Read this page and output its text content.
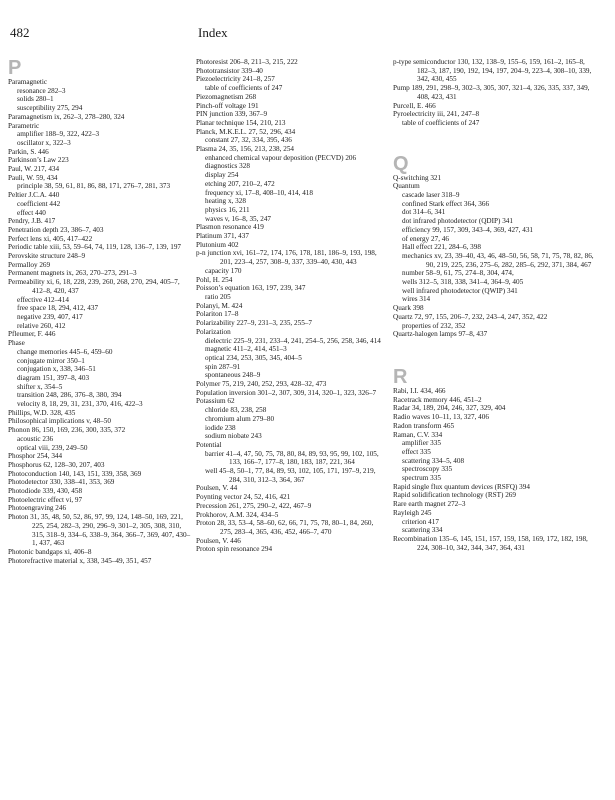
482	Index
P
Paramagnetic
resonance 282–3
solids 280–1
susceptibility 275, 294
Paramagnetism ix, 262–3, 278–280, 324
Parametric
amplifier 188–9, 322, 422–3
oscillator x, 322–3
Parkin, S. 446
Parkinson’s Law 223
Paul, W. 217, 434
Pauli, W. 59, 434
principle 38, 59, 61, 81, 86, 88, 171, 276–7, 281, 373
Peltier J.C.A. 440
coefficient 442
effect 440
Pendry, J.B. 417
Penetration depth 23, 386–7, 403
Perfect lens xi, 405, 417–422
Periodic table xiii, 53, 59–64, 74, 119, 128, 136–7, 139, 197
Perovskite structure 248–9
Permalloy 269
Permanent magnets ix, 263, 270–273, 291–3
Permeability xi, 6, 18, 228, 239, 260, 268, 270, 294, 405–7, 412–8, 420, 437
effective 412–414
free space 18, 294, 412, 437
negative 239, 407, 417
relative 260, 412
Pfleumer, F. 446
Phase
change memories 445–6, 459–60
conjugate mirror 350–1
conjugation x, 338, 346–51
diagram 151, 397–8, 403
shifter x, 354–5
transition 248, 286, 376–8, 380, 394
velocity 8, 18, 29, 31, 231, 370, 416, 422–3
Phillips, W.D. 328, 435
Philosophical implications v, 48–50
Phonon 86, 150, 169, 236, 300, 335, 372
acoustic 236
optical viii, 239, 249–50
Phosphor 254, 344
Phosphorus 62, 128–30, 207, 403
Photoconduction 140, 143, 151, 339, 358, 369
Photodetector 330, 338–41, 353, 369
Photodiode 339, 430, 458
Photoelectric effect vi, 97
Photoengraving 246
Photon 31, 35, 48, 50, 52, 86, 97, 99, 124, 148–50, 169, 221, 225, 254, 282–3, 290, 296–9, 301–2, 305, 308, 310, 315, 318–9, 334–6, 338–9, 364, 366–7, 369, 407, 430–1, 437, 463
Photonic bandgaps xi, 406–8
Photorefractive material x, 338, 345–49, 351, 457
Photoresist 206–8, 211–3, 215, 222
Phototransistor 339–40
Piezoelectricity 241–8, 257
table of coefficients of 247
Piezomagnetism 268
Pinch-off voltage 191
PIN junction 339, 367–9
Planar technique 154, 210, 213
Planck, M.K.E.L. 27, 52, 296, 434
constant 27, 32, 334, 395, 436
Plasma 24, 35, 156, 213, 238, 254
enhanced chemical vapour deposition (PECVD) 206
diagnostics 328
display 254
etching 207, 210–2, 472
frequency xi, 17–8, 408–10, 414, 418
heating x, 328
physics 16, 211
waves v, 16–8, 35, 247
Plasmon resonance 419
Platinum 371, 437
Plutonium 402
p-n junction xvi, 161–72, 174, 176, 178, 181, 186–9, 193, 198, 201, 223–4, 257, 308–9, 337, 339–40, 430, 443
capacity 170
Pohl, H. 254
Poisson’s equation 163, 197, 239, 347
ratio 205
Polanyi, M. 424
Polariton 17–8
Polarizability 227–9, 231–3, 235, 255–7
Polarization
dielectric 225–9, 231, 233–4, 241, 254–5, 256, 258, 346, 414
magnetic 411–2, 414, 451–3
optical 234, 253, 305, 345, 404–5
spin 287–91
spontaneous 248–9
Polymer 75, 219, 240, 252, 293, 428–32, 473
Population inversion 301–2, 307, 309, 314, 320–1, 323, 326–7
Potassium 62
chloride 83, 238, 258
chromium alum 279–80
iodide 238
sodium niobate 243
Potential
barrier 41–4, 47, 50, 75, 78, 80, 84, 89, 93, 95, 99, 102, 105, 133, 166–7, 177–8, 180, 183, 187, 221, 364
well 45–8, 50–1, 77, 84, 89, 93, 102, 105, 171, 197–9, 219, 284, 310, 312–3, 364, 367
Poulsen, V. 44
Poynting vector 24, 52, 416, 421
Precession 261, 275, 290–2, 422, 467–9
Prokhorov, A.M. 324, 434–5
Proton 28, 33, 53–4, 58–60, 62, 66, 71, 75, 78, 80–1, 84, 260, 275, 283–4, 365, 436, 452, 466–7, 470
Poulsen, V. 446
Proton spin resonance 294
p-type semiconductor 130, 132, 138–9, 155–6, 159, 161–2, 165–8, 182–3, 187, 190, 192, 194, 197, 204–9, 223–4, 308–10, 339, 342, 430, 455
Pump 189, 291, 298–9, 302–3, 305, 307, 321–4, 326, 335, 337, 349, 408, 423, 431
Purcell, E. 466
Pyroelectricity iii, 241, 247–8
table of coefficients of 247
Q
Q-switching 321
Quantum
cascade laser 318–9
confined Stark effect 364, 366
dot 314–6, 341
dot infrared photodetector (QDIP) 341
efficiency 99, 157, 309, 343–4, 369, 427, 431
of energy 27, 46
Hall effect 221, 284–6, 398
mechanics xv, 23, 39–40, 43, 46, 48–50, 56, 58, 71, 75, 78, 82, 86, 90, 219, 225, 236, 275–6, 282, 285–6, 292, 371, 384, 467
number 58–9, 61, 75, 274–8, 304, 474,
wells 312–5, 318, 338, 341–4, 364–9, 405
well infrared photodetector (QWIP) 341
wires 314
Quark 398
Quartz 72, 97, 155, 206–7, 232, 243–4, 247, 352, 422
properties of 232, 352
Quartz-halogen lamps 97–8, 437
R
Rabi, I.I. 434, 466
Racetrack memory 446, 451–2
Radar 34, 189, 204, 246, 327, 329, 404
Radio waves 10–11, 13, 327, 406
Radon transform 465
Raman, C.V. 334
amplifier 335
effect 335
scattering 334–5, 408
spectroscopy 335
spectrum 335
Rapid single flux quantum devices (RSFQ) 394
Rapid solidification technology (RST) 269
Rare earth magnet 272–3
Rayleigh 245
criterion 417
scattering 334
Recombination 135–6, 145, 151, 157, 159, 158, 169, 172, 182, 198, 224, 308–10, 342, 344, 347, 364, 431
